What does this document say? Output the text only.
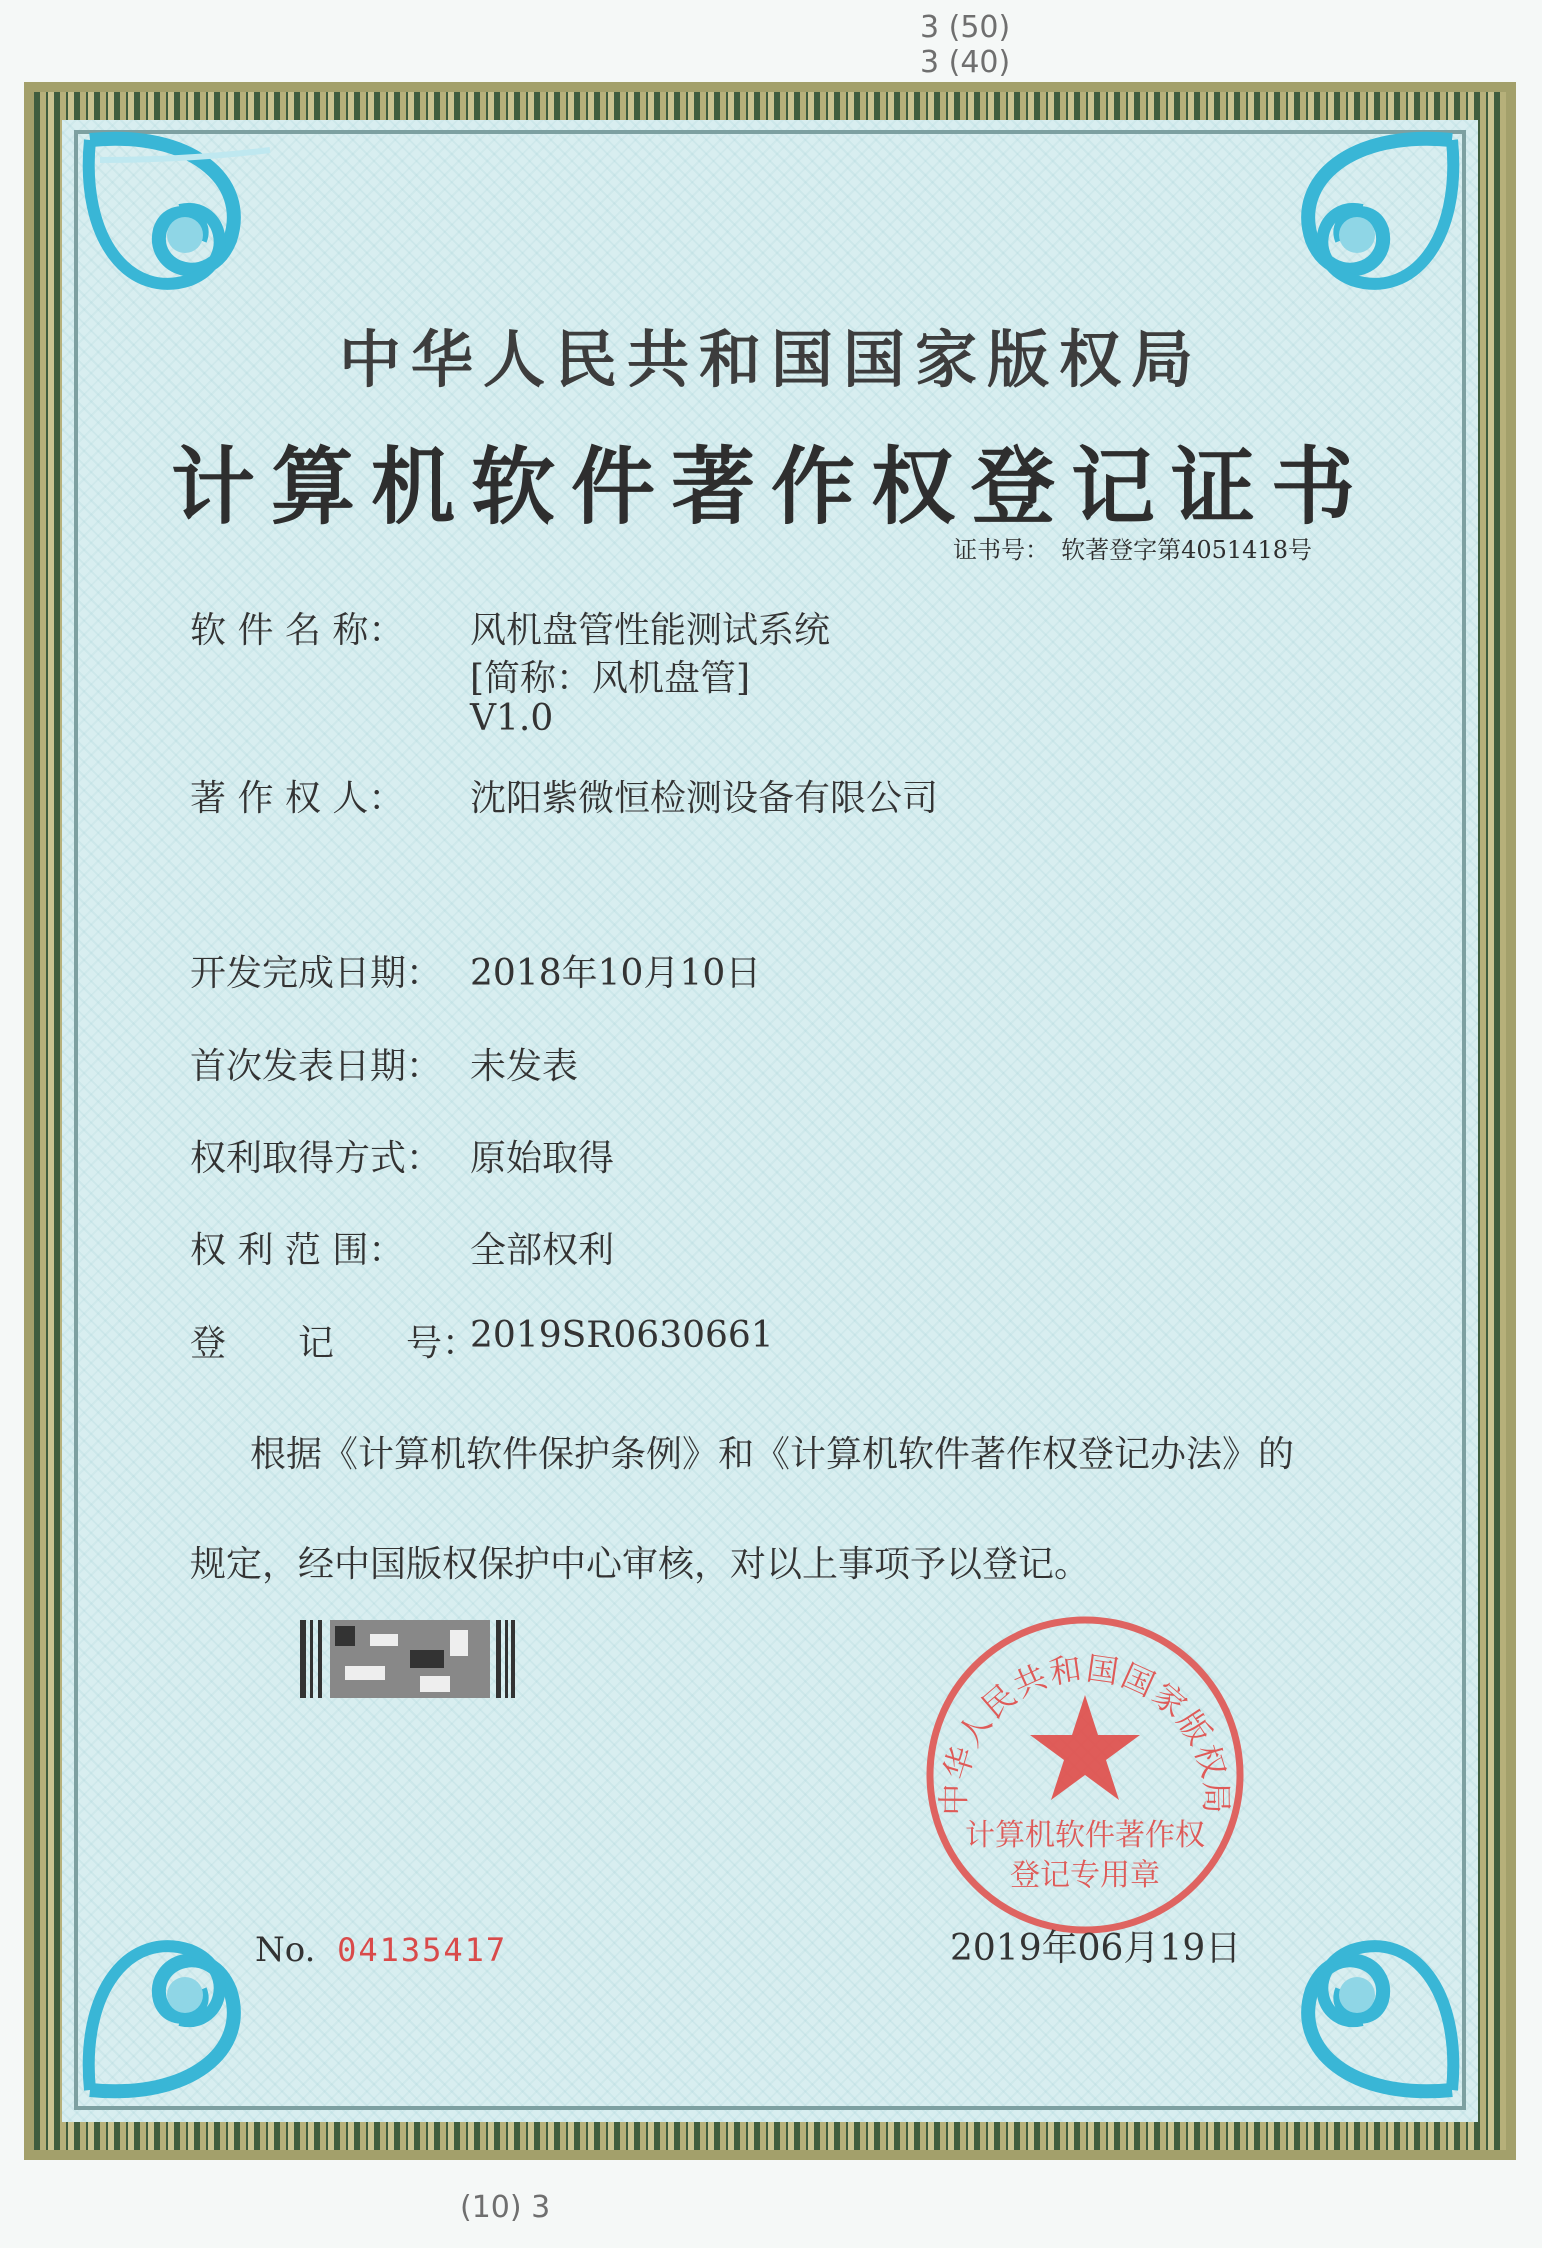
3 (50)
3 (40)
(10) 3
中华人民共和国国家版权局
计算机软件著作权登记证书
证书号：　软著登字第4051418号
软 件 名 称： 风机盘管性能测试系统
[简称：风机盘管]
V1.0
著 作 权 人： 沈阳紫微恒检测设备有限公司
开发完成日期： 2018年10月10日
首次发表日期： 未发表
权利取得方式： 原始取得
权 利 范 围： 全部权利
登　　记　　号：
2019SR0630661
根据《计算机软件保护条例》和《计算机软件著作权登记办法》的
规定，经中国版权保护中心审核，对以上事项予以登记。
No. 04135417
中华人民共和国国家版权局
计算机软件著作权
登记专用章
2019年06月19日
